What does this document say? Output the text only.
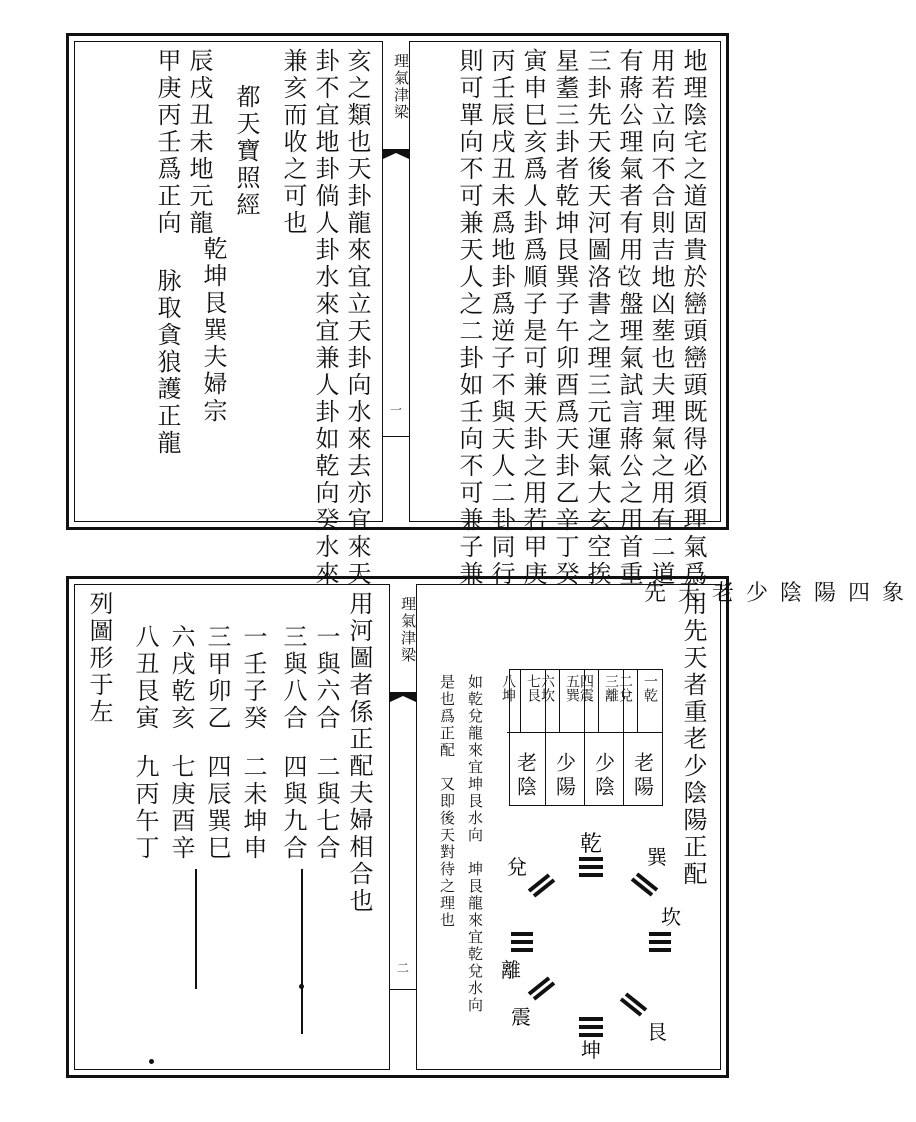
理氣津梁
一	地理陰宅之道固貴於巒頭巒頭既得必須理氣爲
用若立向不合則吉地凶塟也夫理氣之用有二道
有蔣公理氣者有用𢼊盤理氣試言蔣公之用首重
三卦先天後天河圖洛書之理三元運氣大玄空挨
星耋三卦者乾坤艮巽子午卯酉爲天卦乙辛丁癸
寅申巳亥爲人卦爲順子是可兼天卦之用若甲庚
丙壬辰戌丑未爲地卦爲逆子不與天人二卦同行
則可單向不可兼天人之二卦如壬向不可兼子兼
亥之類也天卦龍來宜立天卦向水來去亦宜來天
卦不宜地卦倘人卦水來宜兼人卦如乾向癸水來
兼亥而收之可也
都天寶照經
乾坤艮巽夫婦宗
辰戌丑未地元龍
甲庚丙壬爲正向
脉取貪狼護正龍
理氣津梁
二
用先天者重老少陰陽正配
先天老少陰陽四象
一乾
二兌
老陽
三離
四震
少陰
五巽
六坎
少陽
七艮
八坤
老陰
如乾兌龍來宜坤艮水向　坤艮龍來宜乾兌水向
是也爲正配　又即後天對待之理也	乾 巽
坎
艮
坤
震
離
兌
用河圖者係正配夫婦相合也
一與六合
二與七合
三與八合
四與九合
一壬子癸
二未坤申
三甲卯乙
四辰巽巳
六戌乾亥
七庚酉辛
八丑艮寅
九丙午丁
列圖形于左
